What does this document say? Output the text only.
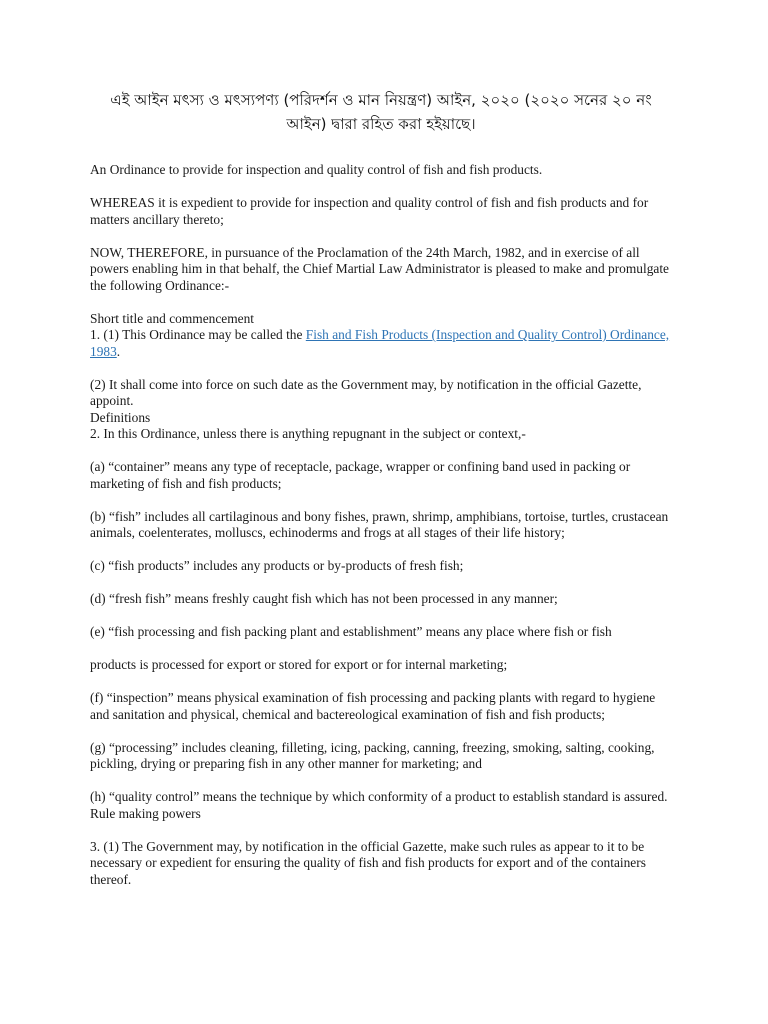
এই আইন মৎস্য ও মৎস্যপণ্য (পরিদর্শন ও মান নিয়ন্ত্রণ) আইন, ২০২০ (২০২০ সনের ২০ নং আইন) দ্বারা রহিত করা হইয়াছে।

An Ordinance to provide for inspection and quality control of fish and fish products.

WHEREAS it is expedient to provide for inspection and quality control of fish and fish products and for matters ancillary thereto;

NOW, THEREFORE, in pursuance of the Proclamation of the 24th March, 1982, and in exercise of all powers enabling him in that behalf, the Chief Martial Law Administrator is pleased to make and promulgate the following Ordinance:-

Short title and commencement

1. (1) This Ordinance may be called the Fish and Fish Products (Inspection and Quality Control) Ordinance, 1983.

(2) It shall come into force on such date as the Government may, by notification in the official Gazette, appoint.

Definitions

2. In this Ordinance, unless there is anything repugnant in the subject or context,-

(a) “container” means any type of receptacle, package, wrapper or confining band used in packing or marketing of fish and fish products;

(b) “fish” includes all cartilaginous and bony fishes, prawn, shrimp, amphibians, tortoise, turtles, crustacean animals, coelenterates, molluscs, echinoderms and frogs at all stages of their life history;

(c) “fish products” includes any products or by-products of fresh fish;

(d) “fresh fish” means freshly caught fish which has not been processed in any manner;

(e) “fish processing and fish packing plant and establishment” means any place where fish or fish

products is processed for export or stored for export or for internal marketing;

(f) “inspection” means physical examination of fish processing and packing plants with regard to hygiene and sanitation and physical, chemical and bactereological examination of fish and fish products;

(g) “processing” includes cleaning, filleting, icing, packing, canning, freezing, smoking, salting, cooking, pickling, drying or preparing fish in any other manner for marketing; and

(h) “quality control” means the technique by which conformity of a product to establish standard is assured.

Rule making powers

3. (1) The Government may, by notification in the official Gazette, make such rules as appear to it to be necessary or expedient for ensuring the quality of fish and fish products for export and of the containers thereof.
